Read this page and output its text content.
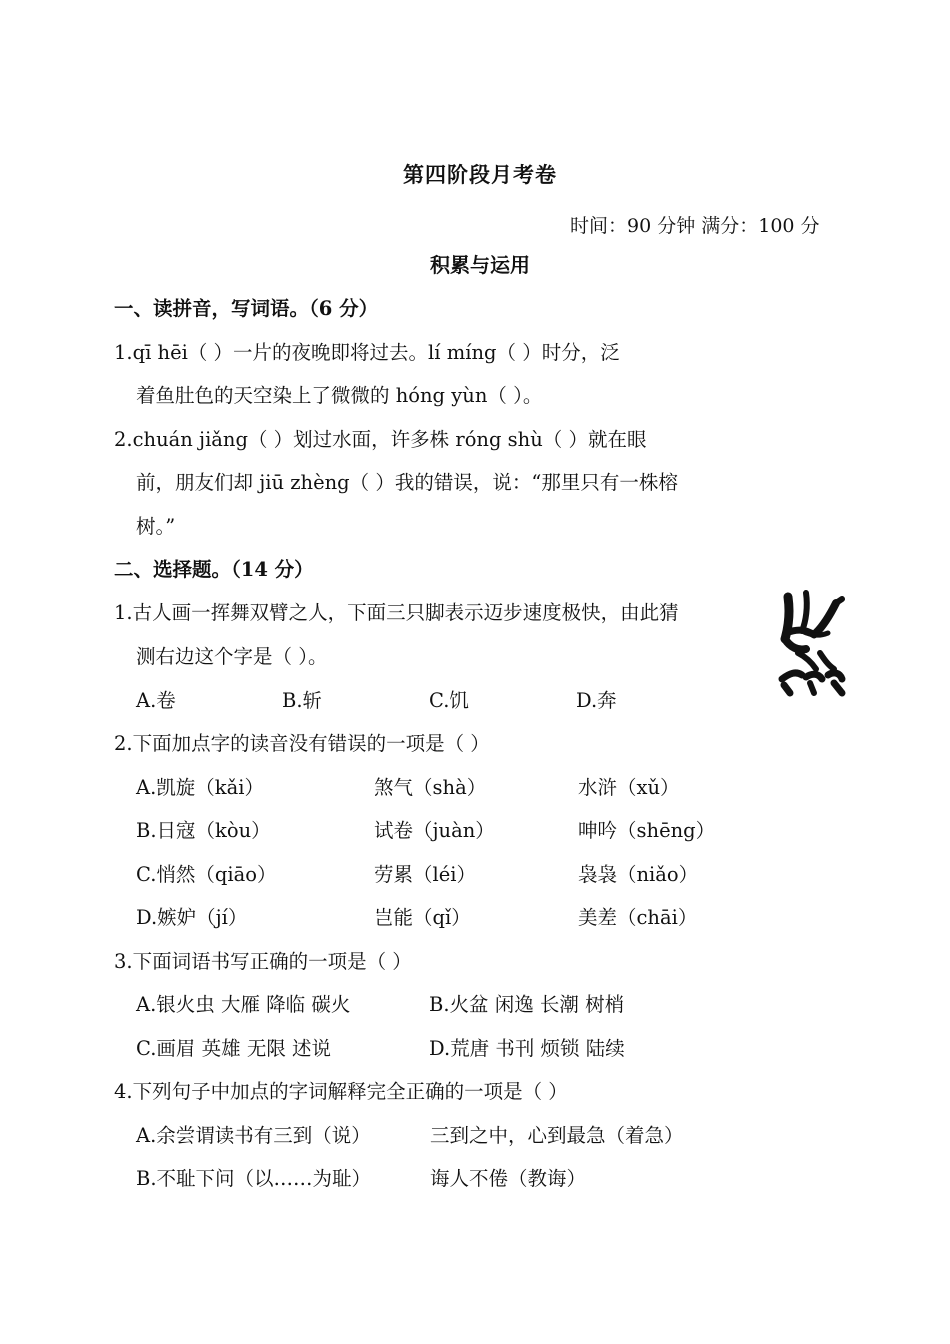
第四阶段月考卷
时间：90 分钟 满分：100 分
积累与运用
一、读拼音，写词语。（6 分）
1.qī hēi（ ）一片的夜晚即将过去。lí míng（ ）时分，泛
着鱼肚色的天空染上了微微的 hóng yùn（ ）。
2.chuán jiǎng（ ）划过水面，许多株 róng shù（ ）就在眼
前，朋友们却 jiū zhèng（ ）我的错误，说：“那里只有一株榕
树。”
二、选择题。（14 分）
1.古人画一挥舞双臂之人，下面三只脚表示迈步速度极快，由此猜
测右边这个字是（ ）。
A.卷	B.斩	C.饥	D.奔
2.下面加点字的读音没有错误的一项是（ ）
A.凯旋（kǎi）	煞气（shà）	水浒（xǔ）
B.日寇（kòu）	试卷（juàn）	呻吟（shēng）
C.悄然（qiāo）	劳累（léi）	袅袅（niǎo）
D.嫉妒（jí）	岂能（qǐ）	美差（chāi）
3.下面词语书写正确的一项是（ ）
A.银火虫 大雁 降临 碳火	B.火盆 闲逸 长潮 树梢
C.画眉 英雄 无限 述说	D.荒唐 书刊 烦锁 陆续
4.下列句子中加点的字词解释完全正确的一项是（ ）
A.余尝谓读书有三到（说）	三到之中，心到最急（着急）
B.不耻下问（以……为耻）	诲人不倦（教诲）
